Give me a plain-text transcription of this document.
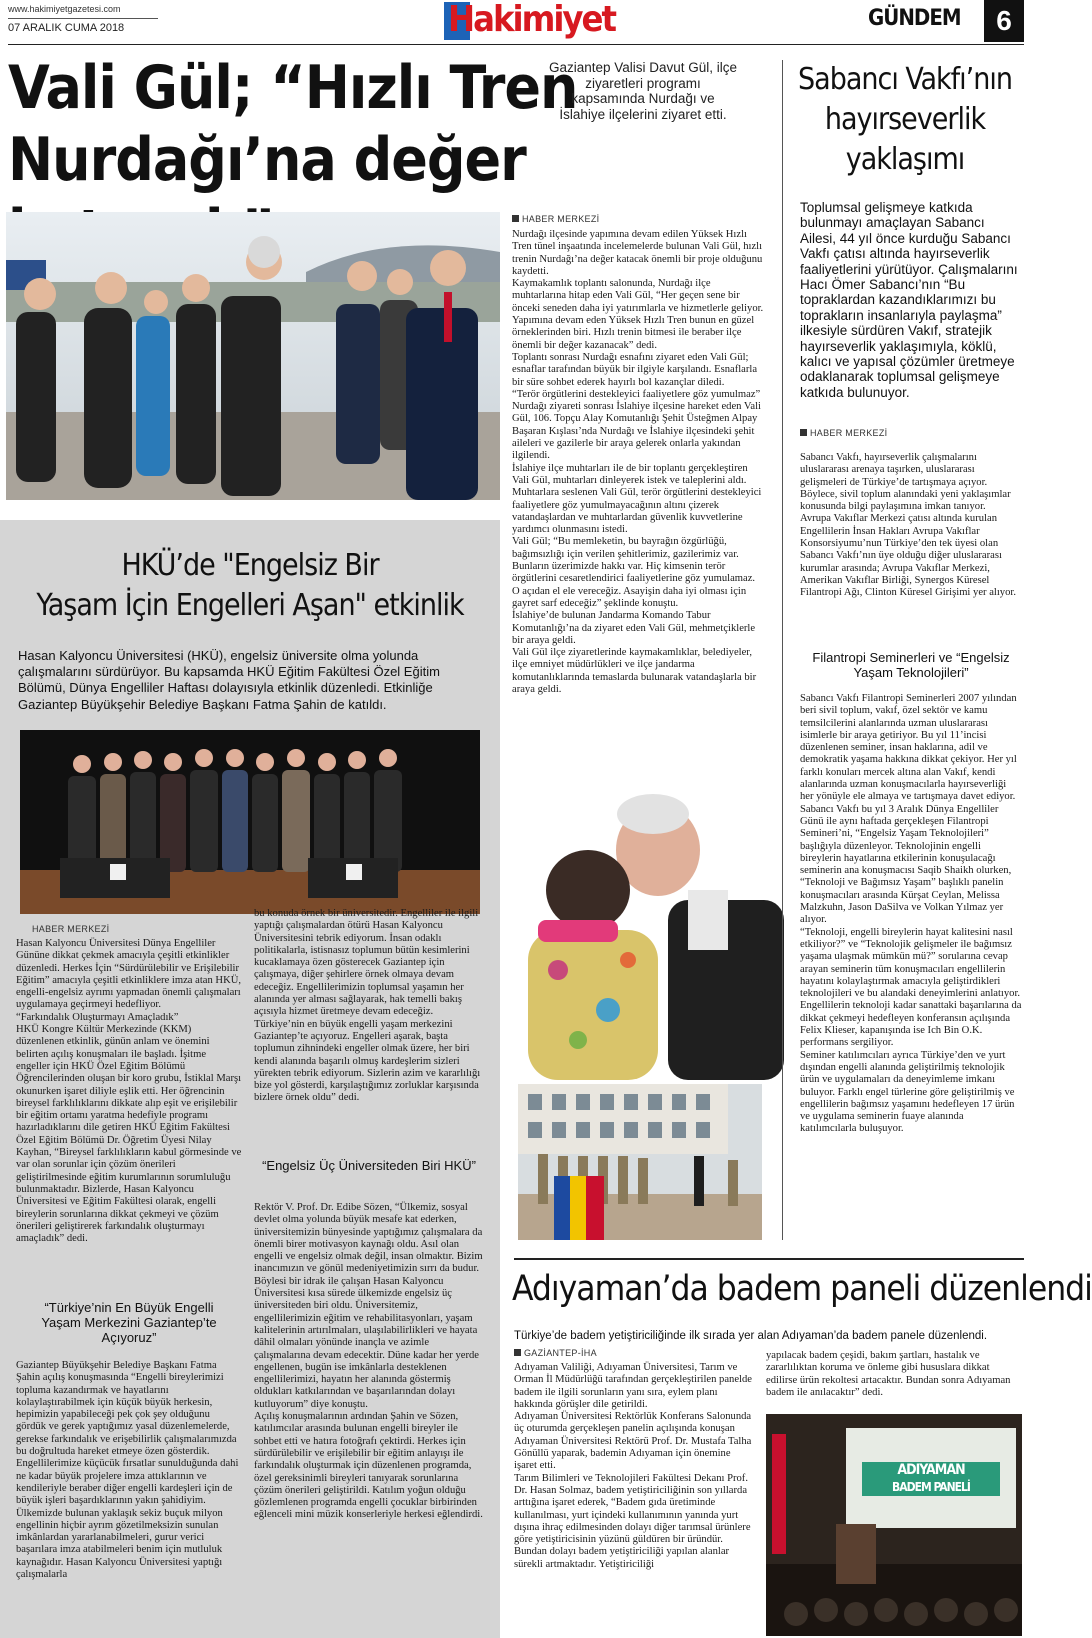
www.hakimiyetgazetesi.com
07 ARALIK CUMA 2018	Hakimiyet	GÜNDEM	6
Vali Gül; “Hızlı Tren Nurdağı’na değer
Gaziantep Valisi Davut Gül, ilçe ziyaretleri programı kapsamında Nurdağı ve İslahiye ilçelerini ziyaret etti.
HABER MERKEZİ
Nurdağı ilçesinde yapımına devam edilen Yüksek Hızlı Tren tünel inşaatında incelemelerde bulunan Vali Gül, hızlı trenin Nurdağı’na değer katacak önemli bir proje olduğunu kaydetti.
Kaymakamlık toplantı salonunda, Nurdağı ilçe muhtarlarına hitap eden Vali Gül, “Her geçen sene bir önceki seneden daha iyi yatırımlarla ve hizmetlerle geliyor. Yapımına devam eden Yüksek Hızlı Tren bunun en güzel örneklerinden biri. Hızlı trenin bitmesi ile beraber ilçe önemli bir değer kazanacak” dedi.
Toplantı sonrası Nurdağı esnafını ziyaret eden Vali Gül; esnaflar tarafından büyük bir ilgiyle karşılandı. Esnaflarla bir süre sohbet ederek hayırlı bol kazançlar diledi.
“Terör örgütlerini destekleyici faaliyetlere göz yumulmaz”
Nurdağı ziyareti sonrası İslahiye ilçesine hareket eden Vali Gül, 106. Topçu Alay Komutanlığı Şehit Üsteğmen Alpay Başaran Kışlası’nda Nurdağı ve İslahiye ilçesindeki şehit aileleri ve gazilerle bir araya gelerek onlarla yakından ilgilendi.
İslahiye ilçe muhtarları ile de bir toplantı gerçekleştiren Vali Gül, muhtarları dinleyerek istek ve taleplerini aldı.
Muhtarlara seslenen Vali Gül, terör örgütlerini destekleyici faaliyetlere göz yumulmayacağının altını çizerek vatandaşlardan ve muhtarlardan güvenlik kuvvetlerine yardımcı olunmasını istedi.
Vali Gül; “Bu memleketin, bu bayrağın özgürlüğü, bağımsızlığı için verilen şehitlerimiz, gazilerimiz var. Bunların üzerimizde hakkı var. Hiç kimsenin terör örgütlerini cesaretlendirici faaliyetlerine göz yumulamaz. O açıdan el ele vereceğiz. Asayişin daha iyi olması için gayret sarf edeceğiz” şeklinde konuştu.
İslahiye’de bulunan Jandarma Komando Tabur Komutanlığı’na da ziyaret eden Vali Gül, mehmetçiklerle bir araya geldi.
Vali Gül ilçe ziyaretlerinde kaymakamlıklar, belediyeler, ilçe emniyet müdürlükleri ve ilçe jandarma komutanlıklarında temaslarda bulunarak vatandaşlarla bir araya geldi.
Sabancı Vakfı’nın hayırseverlik yaklaşımı
Toplumsal gelişmeye katkıda bulunmayı amaçlayan Sabancı Ailesi, 44 yıl önce kurduğu Sabancı Vakfı çatısı altında hayırseverlik faaliyetlerini yürütüyor. Çalışmalarını Hacı Ömer Sabancı’nın “Bu topraklardan kazandıklarımızı bu toprakların insanlarıyla paylaşma” ilkesiyle sürdüren Vakıf, stratejik hayırseverlik yaklaşımıyla, köklü, kalıcı ve yapısal çözümler üretmeye odaklanarak toplumsal gelişmeye katkıda bulunuyor.
HABER MERKEZİ
Sabancı Vakfı, hayırseverlik çalışmalarını uluslararası arenaya taşırken, uluslararası gelişmeleri de Türkiye’de tartışmaya açıyor. Böylece, sivil toplum alanındaki yeni yaklaşımlar konusunda bilgi paylaşımına imkan tanıyor.
Avrupa Vakıflar Merkezi çatısı altında kurulan Engellilerin İnsan Hakları Avrupa Vakıflar Konsorsiyumu’nun Türkiye’den tek üyesi olan Sabancı Vakfı’nın üye olduğu diğer uluslararası kurumlar arasında; Avrupa Vakıflar Merkezi, Amerikan Vakıflar Birliği, Synergos Küresel Filantropi Ağı, Clinton Küresel Girişimi yer alıyor.
Filantropi Seminerleri ve “Engelsiz Yaşam Teknolojileri”
Sabancı Vakfı Filantropi Seminerleri 2007 yılından beri sivil toplum, vakıf, özel sektör ve kamu temsilcilerini alanlarında uzman uluslararası isimlerle bir araya getiriyor. Bu yıl 11’incisi düzenlenen seminer, insan haklarına, adil ve demokratik yaşama hakkına dikkat çekiyor. Her yıl farklı konuları mercek altına alan Vakıf, kendi alanlarında uzman konuşmacılarla hayırseverliği her yönüyle ele almaya ve tartışmaya davet ediyor.
Sabancı Vakfı bu yıl 3 Aralık Dünya Engelliler Günü ile aynı haftada gerçekleşen Filantropi Semineri’ni, “Engelsiz Yaşam Teknolojileri” başlığıyla düzenleyor. Teknolojinin engelli bireylerin hayatlarına etkilerinin konuşulacağı seminerin ana konuşmacısı Saqib Shaikh olurken, “Teknoloji ve Bağımsız Yaşam” başlıklı panelin konuşmacıları arasında Kürşat Ceylan, Melissa Malzkuhn, Jason DaSilva ve Volkan Yılmaz yer alıyor.
“Teknoloji, engelli bireylerin hayat kalitesini nasıl etkiliyor?” ve “Teknolojik gelişmeler ile bağımsız yaşama ulaşmak mümkün mü?” sorularına cevap arayan seminerin tüm konuşmacıları engellilerin hayatını kolaylaştırmak amacıyla geliştirdikleri teknolojileri ve bu alandaki deneyimlerini anlatıyor. Engellilerin teknoloji kadar sanattaki başarılarına da dikkat çekmeyi hedefleyen konferansın açılışında Felix Klieser, kapanışında ise Ich Bin O.K. performans sergiliyor.
Seminer katılımcıları ayrıca Türkiye’den ve yurt dışından engelli alanında geliştirilmiş teknolojik ürün ve uygulamaları da deneyimleme imkanı buluyor. Farklı engel türlerine göre geliştirilmiş ve engellilerin bağımsız yaşamını hedefleyen 17 ürün ve uygulama seminerin fuaye alanında katılımcılarla buluşuyor.
HKÜ’de "Engelsiz Bir
Yaşam İçin Engelleri Aşan" etkinlik
Hasan Kalyoncu Üniversitesi (HKÜ), engelsiz üniversite olma yolunda çalışmalarını sürdürüyor. Bu kapsamda HKÜ Eğitim Fakültesi Özel Eğitim Bölümü, Dünya Engelliler Haftası dolayısıyla etkinlik düzenledi. Etkinliğe Gaziantep Büyükşehir Belediye Başkanı Fatma Şahin de katıldı.
HABER MERKEZİ
Hasan Kalyoncu Üniversitesi Dünya Engelliler Gününe dikkat çekmek amacıyla çeşitli etkinlikler düzenledi. Herkes İçin “Sürdürülebilir ve Erişilebilir Eğitim” amacıyla çeşitli etkinliklere imza atan HKÜ, engelli-engelsiz ayrımı yapmadan önemli çalışmaları uygulamaya geçirmeyi hedefliyor.
“Farkındalık Oluşturmayı Amaçladık”
HKÜ Kongre Kültür Merkezinde (KKM) düzenlenen etkinlik, günün anlam ve önemini belirten açılış konuşmaları ile başladı. İşitme engeller için HKÜ Özel Eğitim Bölümü Öğrencilerinden oluşan bir koro grubu, İstiklal Marşı okunurken işaret diliyle eşlik etti. Her öğrencinin bireysel farklılıklarını dikkate alıp eşit ve erişilebilir bir eğitim ortamı yaratma hedefiyle programı hazırladıklarını dile getiren HKÜ Eğitim Fakültesi Özel Eğitim Bölümü Dr. Öğretim Üyesi Nilay Kayhan, “Bireysel farklılıkların kabul görmesinde ve var olan sorunlar için çözüm önerileri geliştirilmesinde eğitim kurumlarının sorumluluğu bulunmaktadır. Bizlerde, Hasan Kalyoncu Üniversitesi ve Eğitim Fakültesi olarak, engelli bireylerin sorunlarına dikkat çekmeyi ve çözüm önerileri geliştirerek farkındalık oluşturmayı amaçladık” dedi.
“Türkiye’nin En Büyük Engelli Yaşam Merkezini Gaziantep’te Açıyoruz”
Gaziantep Büyükşehir Belediye Başkanı Fatma Şahin açılış konuşmasında “Engelli bireylerimizi topluma kazandırmak ve hayatlarını kolaylaştırabilmek için küçük büyük herkesin, hepimizin yapabileceği pek çok şey olduğunu gördük ve gerek yaptığımız yasal düzenlemelerde, gerekse farkındalık ve erişebilirlik çalışmalarımızda bu doğrultuda hareket etmeye özen gösterdik. Engellilerimize küçücük fırsatlar sunulduğunda dahi ne kadar büyük projelere imza attıklarının ve kendileriyle beraber diğer engelli kardeşleri için de büyük işleri başardıklarının yakın şahidiyim. Ülkemizde bulunan yaklaşık sekiz buçuk milyon engellinin hiçbir ayrım gözetilmeksizin sunulan imkânlardan yararlanabilmeleri, gurur verici başarılara imza atabilmeleri benim için mutluluk kaynağıdır. Hasan Kalyoncu Üniversitesi yaptığı çalışmalarla
bu konuda örnek bir üniversitedir. Engelliler ile ilgili yaptığı çalışmalardan ötürü Hasan Kalyoncu Üniversitesini tebrik ediyorum. İnsan odaklı politikalarla, istisnasız toplumun bütün kesimlerini kucaklamaya özen gösterecek Gaziantep için çalışmaya, diğer şehirlere örnek olmaya devam edeceğiz. Engellilerimizin toplumsal yaşamın her alanında yer alması sağlayarak, hak temelli bakış açısıyla hizmet üretmeye devam edeceğiz. Türkiye’nin en büyük engelli yaşam merkezini Gaziantep’te açıyoruz. Engelleri aşarak, başta toplumun zihnindeki engeller olmak üzere, her biri kendi alanında başarılı olmuş kardeşlerim sizleri yürekten tebrik ediyorum. Sizlerin azim ve kararlılığı bize yol gösterdi, karşılaştığımız zorluklar karşısında bizlere örnek oldu” dedi.
“Engelsiz Üç Üniversiteden Biri HKÜ”
Rektör V. Prof. Dr. Edibe Sözen, “Ülkemiz, sosyal devlet olma yolunda büyük mesafe kat ederken, üniversitemizin bünyesinde yaptığımız çalışmalara da önemli birer motivasyon kaynağı oldu. Asıl olan engelli ve engelsiz olmak değil, insan olmaktır. Bizim inancımızın ve gönül medeniyetimizin sırrı da budur. Böylesi bir idrak ile çalışan Hasan Kalyoncu Üniversitesi kısa sürede ülkemizde engelsiz üç üniversiteden biri oldu. Üniversitemiz, engellilerimizin eğitim ve rehabilitasyonları, yaşam kalitelerinin artırılmaları, ulaşılabilirlikleri ve hayata dâhil olmaları yönünde inançla ve azimle çalışmalarına devam edecektir. Düne kadar her yerde engellenen, bugün ise imkânlarla desteklenen engellilerimizi, hayatın her alanında göstermiş oldukları katkılarından ve başarılarından dolayı kutluyorum” diye konuştu.
Açılış konuşmalarının ardından Şahin ve Sözen, katılımcılar arasında bulunan engelli bireyler ile sohbet etti ve hatıra fotoğrafı çektirdi. Herkes için sürdürülebilir ve erişilebilir bir eğitim anlayışı ile farkındalık oluşturmak için düzenlenen programda, özel gereksinimli bireyleri tanıyarak sorunlarına çözüm önerileri geliştirildi. Katılım yoğun olduğu gözlemlenen programda engelli çocuklar birbirinden eğlenceli mini müzik konserleriyle herkesi eğlendirdi.
Adıyaman’da badem paneli düzenlendi
Türkiye’de badem yetiştiriciliğinde ilk sırada yer alan Adıyaman’da badem panele düzenlendi.
GAZİANTEP-İHA
Adıyaman Valiliği, Adıyaman Üniversitesi, Tarım ve Orman İl Müdürlüğü tarafından gerçekleştirilen panelde badem ile ilgili sorunların yanı sıra, eylem planı hakkında görüşler dile getirildi.
Adıyaman Üniversitesi Rektörlük Konferans Salonunda üç oturumda gerçekleşen panelin açılışında konuşan Adıyaman Üniversitesi Rektörü Prof. Dr. Mustafa Talha Gönüllü yaparak, bademin Adıyaman için önemine işaret etti.
Tarım Bilimleri ve Teknolojileri Fakültesi Dekanı Prof. Dr. Hasan Solmaz, badem yetiştiriciliğinin son yıllarda arttığına işaret ederek, “Badem gıda üretiminde kullanılması, yurt içindeki kullanımının yanında yurt dışına ihraç edilmesinden dolayı diğer tarımsal ürünlere göre yetiştiricisinin yüzünü güldüren bir üründür. Bundan dolayı badem yetiştiriciliği yapılan alanlar sürekli artmaktadır. Yetiştiriciliği
yapılacak badem çeşidi, bakım şartları, hastalık ve zararlılıktan koruma ve önleme gibi hususlara dikkat edilirse ürün rekoltesi artacaktır. Bundan sonra Adıyaman badem ile anılacaktır” dedi.
ADIYAMAN
BADEM PANELİ
